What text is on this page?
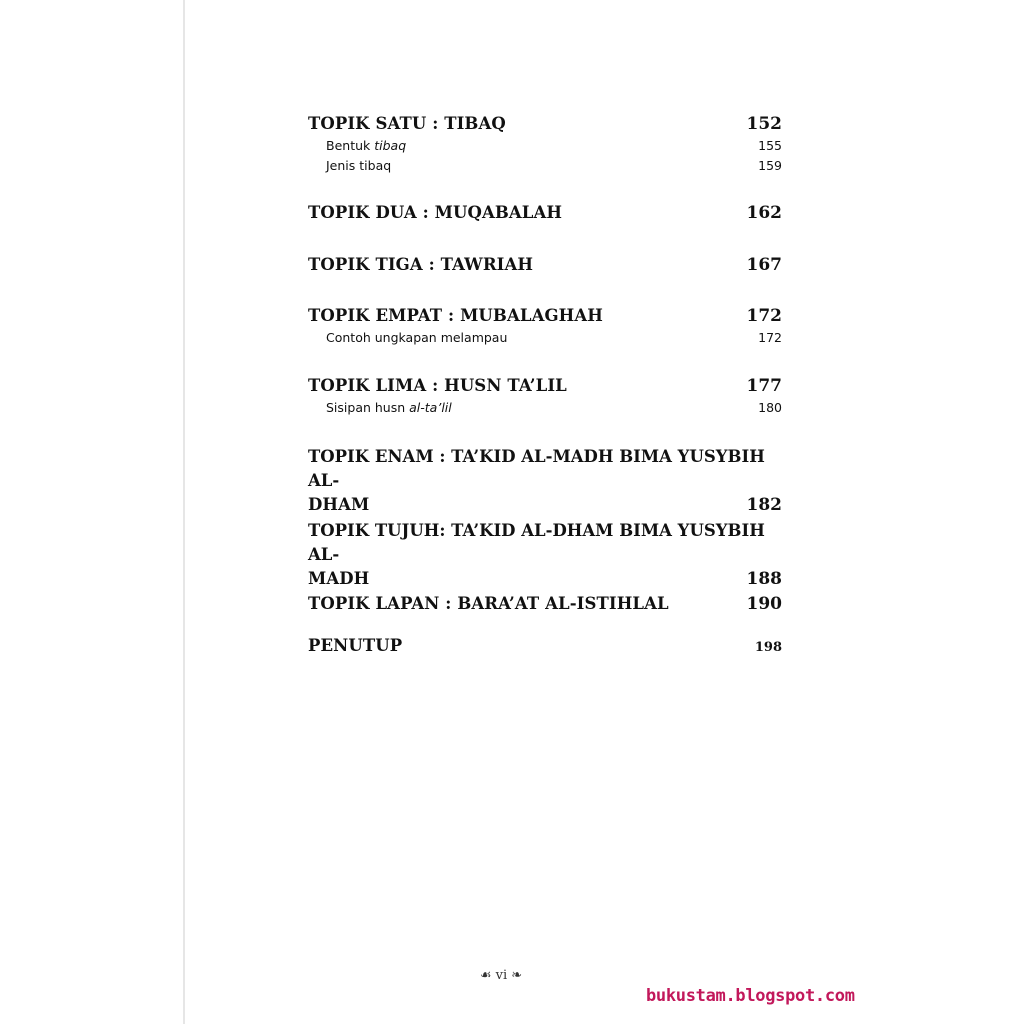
TOPIK SATU : TIBAQ	152
Bentuk tibaq	155
Jenis tibaq	159
TOPIK DUA : MUQABALAH	162
TOPIK TIGA : TAWRIAH	167
TOPIK EMPAT : MUBALAGHAH	172
Contoh ungkapan melampau	172
TOPIK LIMA : HUSN TA’LIL	177
Sisipan husn al-ta’lil	180
TOPIK ENAM : TA’KID AL-MADH BIMA YUSYBIH AL-
DHAM	182
TOPIK TUJUH: TA’KID AL-DHAM BIMA YUSYBIH AL-
MADH	188
TOPIK LAPAN : BARA’AT AL-ISTIHLAL	190
PENUTUP	198
☙ vi ❧
bukustam.blogspot.com
